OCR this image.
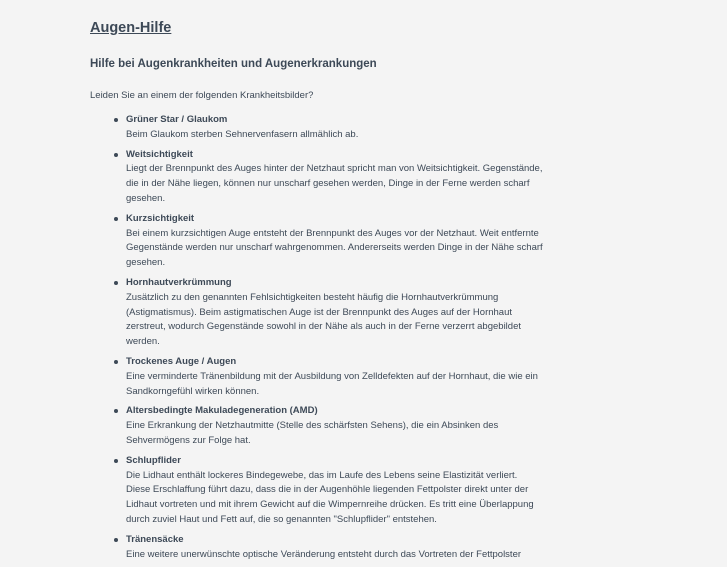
Augen-Hilfe
Hilfe bei Augenkrankheiten und Augenerkrankungen
Leiden Sie an einem der folgenden Krankheitsbilder?
Grüner Star / Glaukom
Beim Glaukom sterben Sehnervenfasern allmählich ab.
Weitsichtigkeit
Liegt der Brennpunkt des Auges hinter der Netzhaut spricht man von Weitsichtigkeit. Gegenstände, die in der Nähe liegen, können nur unscharf gesehen werden, Dinge in der Ferne werden scharf gesehen.
Kurzsichtigkeit
Bei einem kurzsichtigen Auge entsteht der Brennpunkt des Auges vor der Netzhaut. Weit entfernte Gegenstände werden nur unscharf wahrgenommen. Andererseits werden Dinge in der Nähe scharf gesehen.
Hornhautverkrümmung
Zusätzlich zu den genannten Fehlsichtigkeiten besteht häufig die Hornhautverkrümmung (Astigmatismus). Beim astigmatischen Auge ist der Brennpunkt des Auges auf der Hornhaut zerstreut, wodurch Gegenstände sowohl in der Nähe als auch in der Ferne verzerrt abgebildet werden.
Trockenes Auge / Augen
Eine verminderte Tränenbildung mit der Ausbildung von Zelldefekten auf der Hornhaut, die wie ein Sandkorngefühl wirken können.
Altersbedingte Makuladegeneration (AMD)
Eine Erkrankung der Netzhautmitte (Stelle des schärfsten Sehens), die ein Absinken des Sehvermögens zur Folge hat.
Schlupflider
Die Lidhaut enthält lockeres Bindegewebe, das im Laufe des Lebens seine Elastizität verliert. Diese Erschlaffung führt dazu, dass die in der Augenhöhle liegenden Fettpolster direkt unter der Lidhaut vortreten und mit ihrem Gewicht auf die Wimpernreihe drücken. Es tritt eine Überlappung durch zuviel Haut und Fett auf, die so genannten "Schlupflider" entstehen.
Tränensäcke
Eine weitere unerwünschte optische Veränderung entsteht durch das Vortreten der Fettpolster
